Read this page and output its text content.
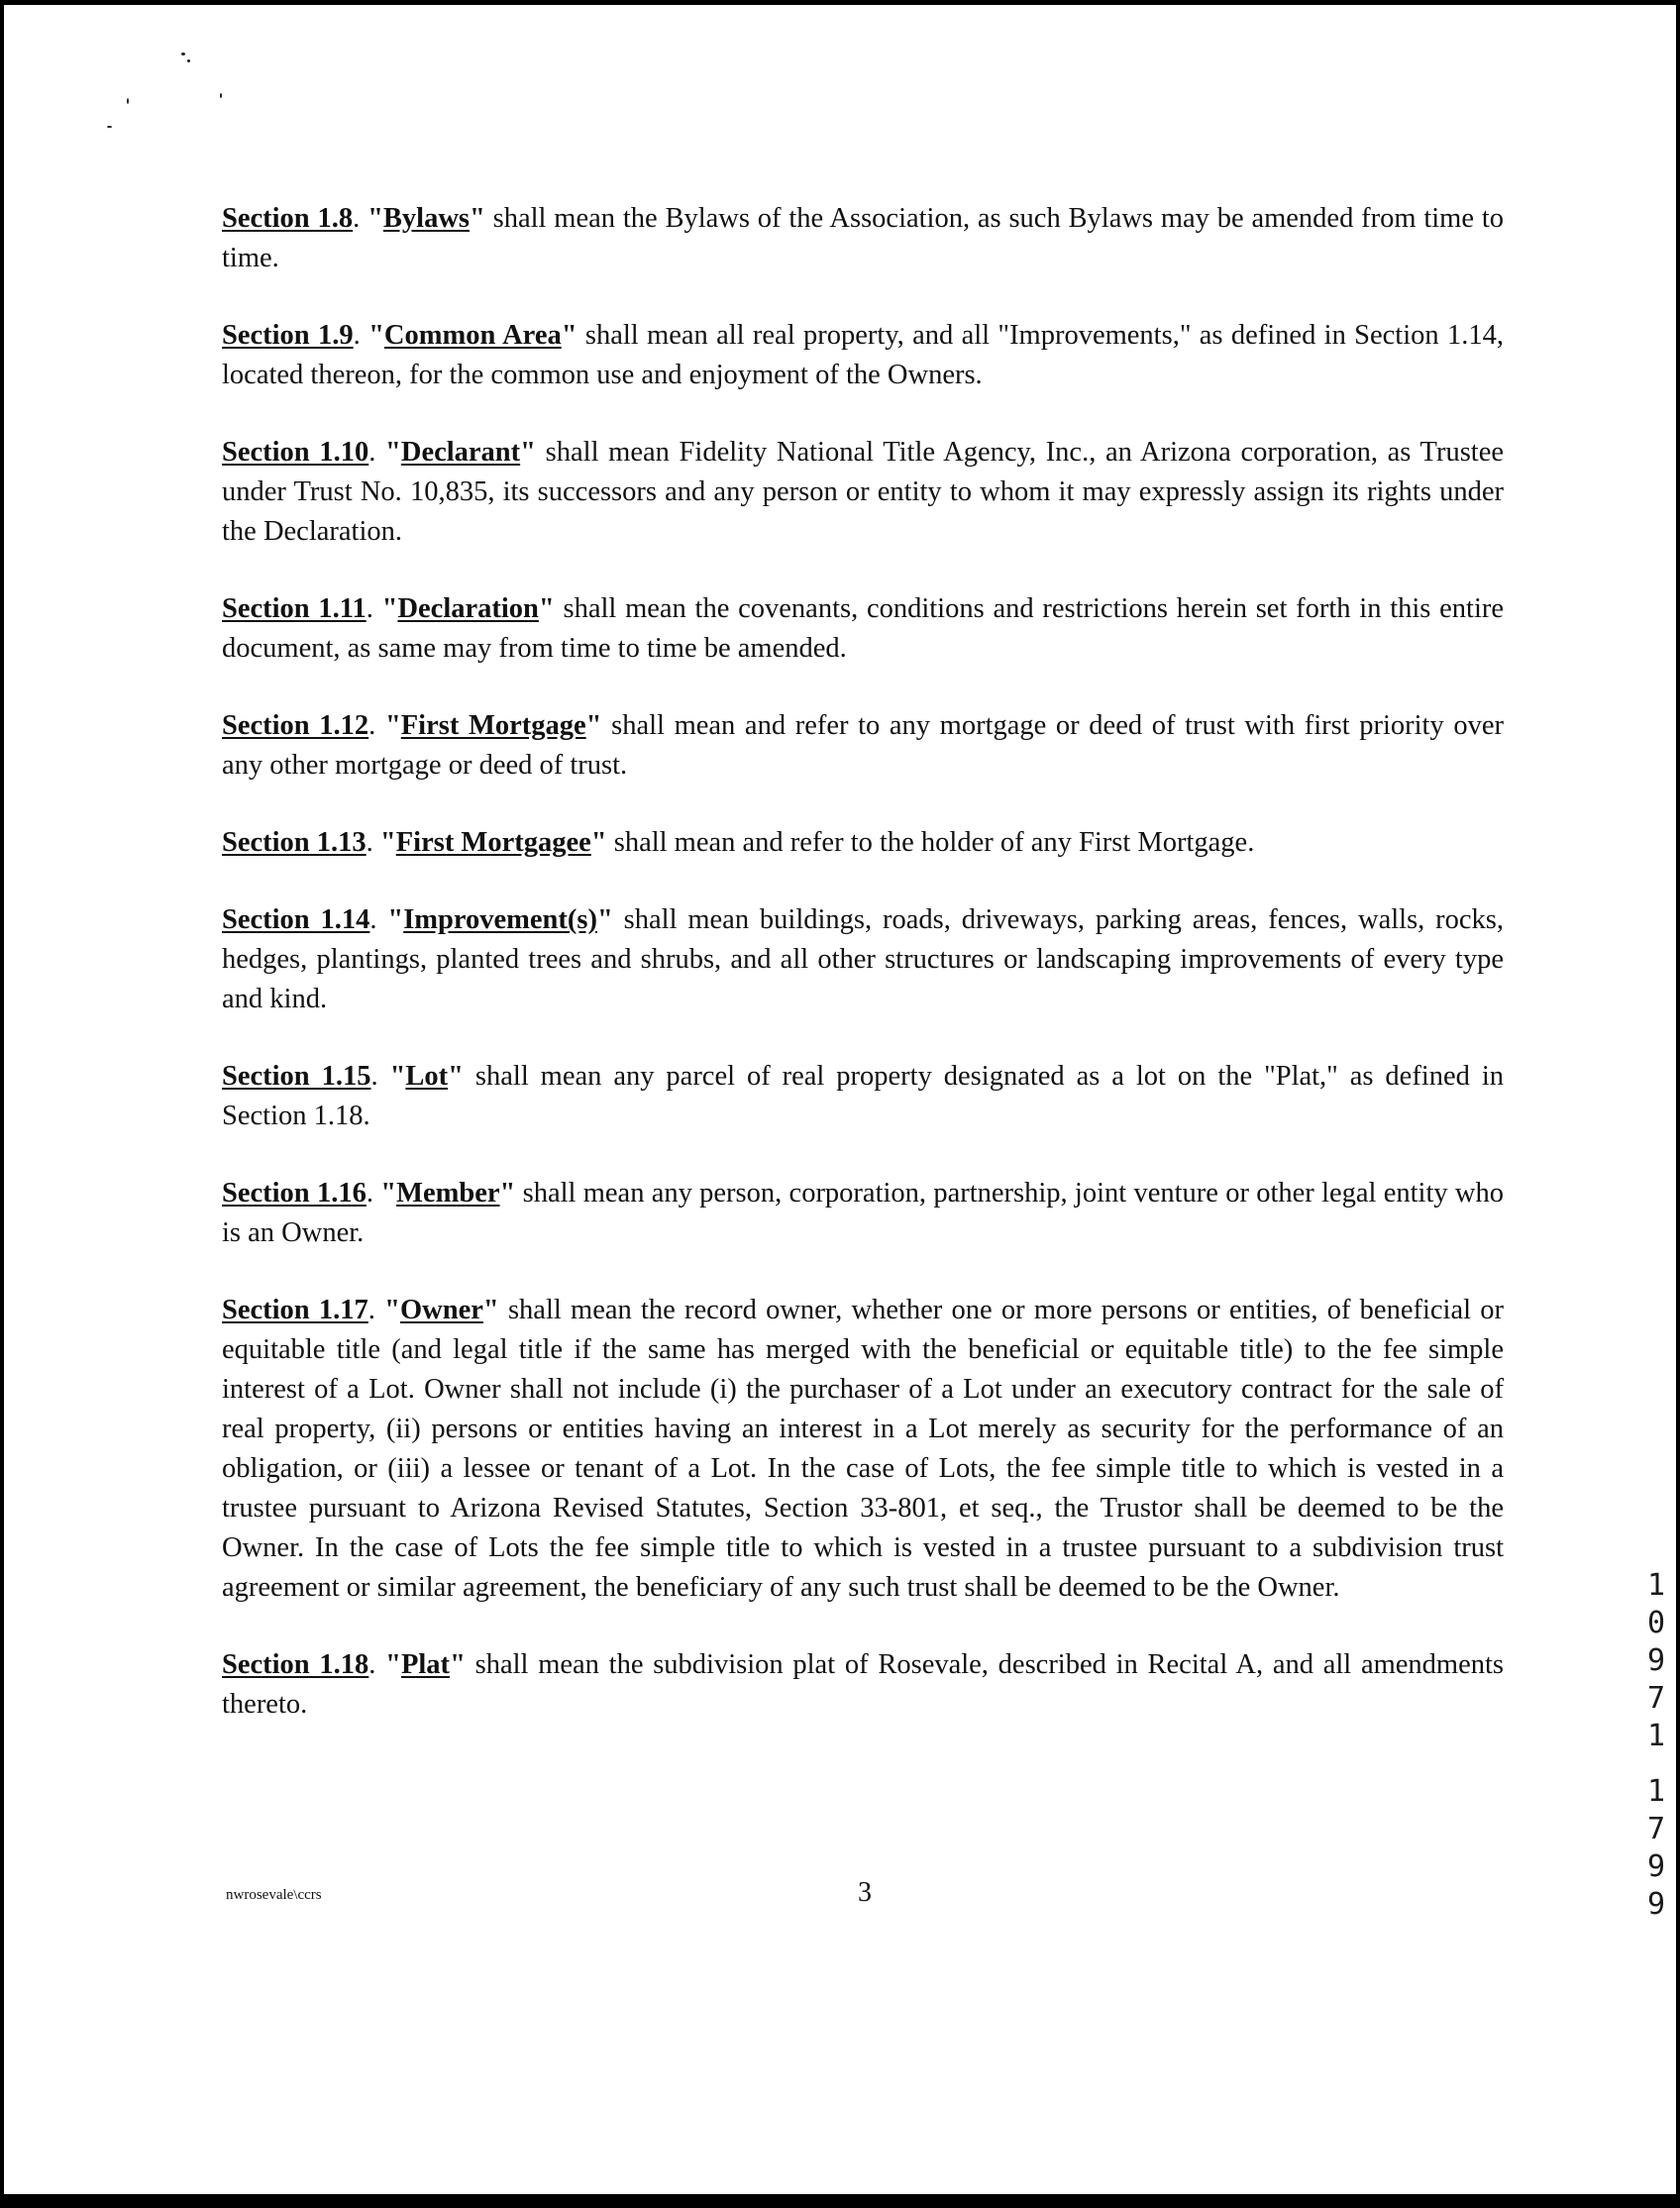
Section 1.8. "Bylaws" shall mean the Bylaws of the Association, as such Bylaws may be amended from time to time.

Section 1.9. "Common Area" shall mean all real property, and all "Improvements," as defined in Section 1.14, located thereon, for the common use and enjoyment of the Owners.

Section 1.10. "Declarant" shall mean Fidelity National Title Agency, Inc., an Arizona corporation, as Trustee under Trust No. 10,835, its successors and any person or entity to whom it may expressly assign its rights under the Declaration.

Section 1.11. "Declaration" shall mean the covenants, conditions and restrictions herein set forth in this entire document, as same may from time to time be amended.

Section 1.12. "First Mortgage" shall mean and refer to any mortgage or deed of trust with first priority over any other mortgage or deed of trust.

Section 1.13. "First Mortgagee" shall mean and refer to the holder of any First Mortgage.

Section 1.14. "Improvement(s)" shall mean buildings, roads, driveways, parking areas, fences, walls, rocks, hedges, plantings, planted trees and shrubs, and all other structures or landscaping improvements of every type and kind.

Section 1.15. "Lot" shall mean any parcel of real property designated as a lot on the "Plat," as defined in Section 1.18.

Section 1.16. "Member" shall mean any person, corporation, partnership, joint venture or other legal entity who is an Owner.

Section 1.17. "Owner" shall mean the record owner, whether one or more persons or entities, of beneficial or equitable title (and legal title if the same has merged with the beneficial or equitable title) to the fee simple interest of a Lot. Owner shall not include (i) the purchaser of a Lot under an executory contract for the sale of real property, (ii) persons or entities having an interest in a Lot merely as security for the performance of an obligation, or (iii) a lessee or tenant of a Lot. In the case of Lots, the fee simple title to which is vested in a trustee pursuant to Arizona Revised Statutes, Section 33-801, et seq., the Trustor shall be deemed to be the Owner. In the case of Lots the fee simple title to which is vested in a trustee pursuant to a subdivision trust agreement or similar agreement, the beneficiary of any such trust shall be deemed to be the Owner.

Section 1.18. "Plat" shall mean the subdivision plat of Rosevale, described in Recital A, and all amendments thereto.

nwrosevale\ccrs	3
1
0
9
7
1
1
7
9
9
